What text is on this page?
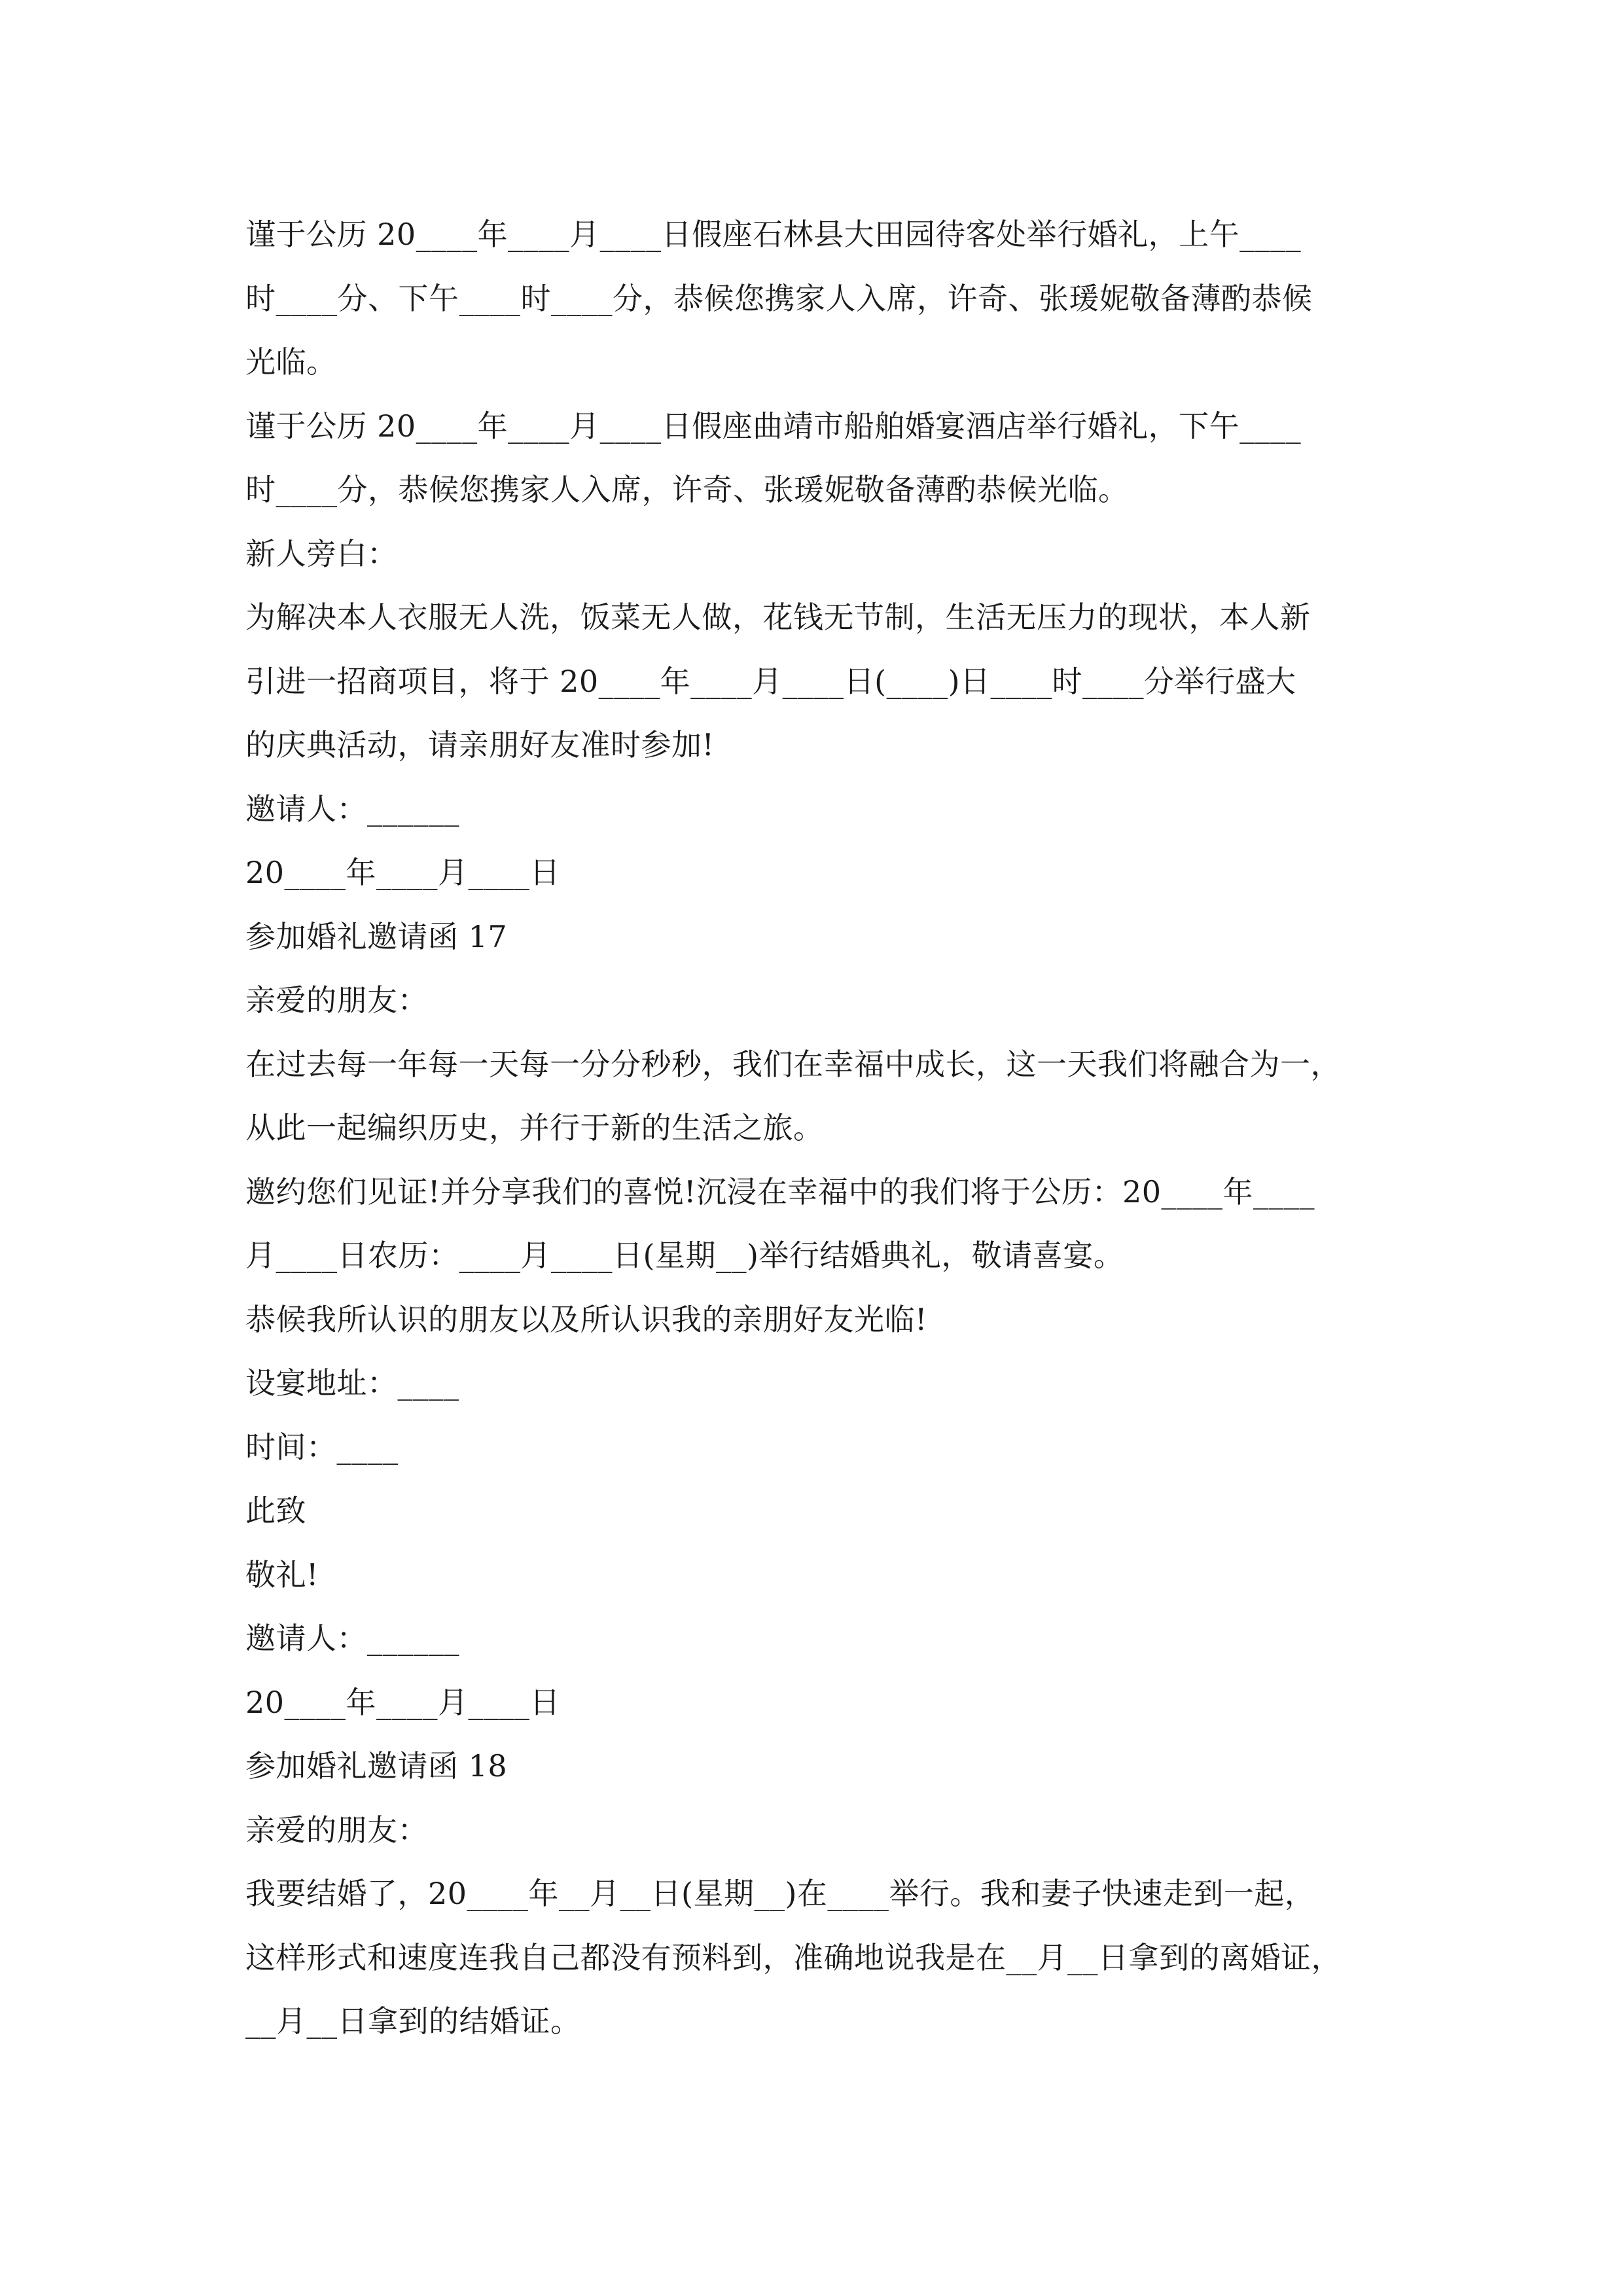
谨于公历 20____年____月____日假座石林县大田园待客处举行婚礼，上午____
时____分、下午____时____分，恭候您携家人入席，许奇、张瑗妮敬备薄酌恭候
光临。
谨于公历 20____年____月____日假座曲靖市船舶婚宴酒店举行婚礼，下午____
时____分，恭候您携家人入席，许奇、张瑗妮敬备薄酌恭候光临。
新人旁白：
为解决本人衣服无人洗，饭菜无人做，花钱无节制，生活无压力的现状，本人新
引进一招商项目，将于 20____年____月____日(____)日____时____分举行盛大
的庆典活动，请亲朋好友准时参加!
邀请人：______
20____年____月____日
参加婚礼邀请函 17
亲爱的朋友：
在过去每一年每一天每一分分秒秒，我们在幸福中成长，这一天我们将融合为一，
从此一起编织历史，并行于新的生活之旅。
邀约您们见证!并分享我们的喜悦!沉浸在幸福中的我们将于公历：20____年____
月____日农历：____月____日(星期__)举行结婚典礼，敬请喜宴。
恭候我所认识的朋友以及所认识我的亲朋好友光临!
设宴地址：____
时间：____
此致
敬礼!
邀请人：______
20____年____月____日
参加婚礼邀请函 18
亲爱的朋友：
我要结婚了，20____年__月__日(星期__)在____举行。我和妻子快速走到一起，
这样形式和速度连我自己都没有预料到，准确地说我是在__月__日拿到的离婚证，
__月__日拿到的结婚证。
